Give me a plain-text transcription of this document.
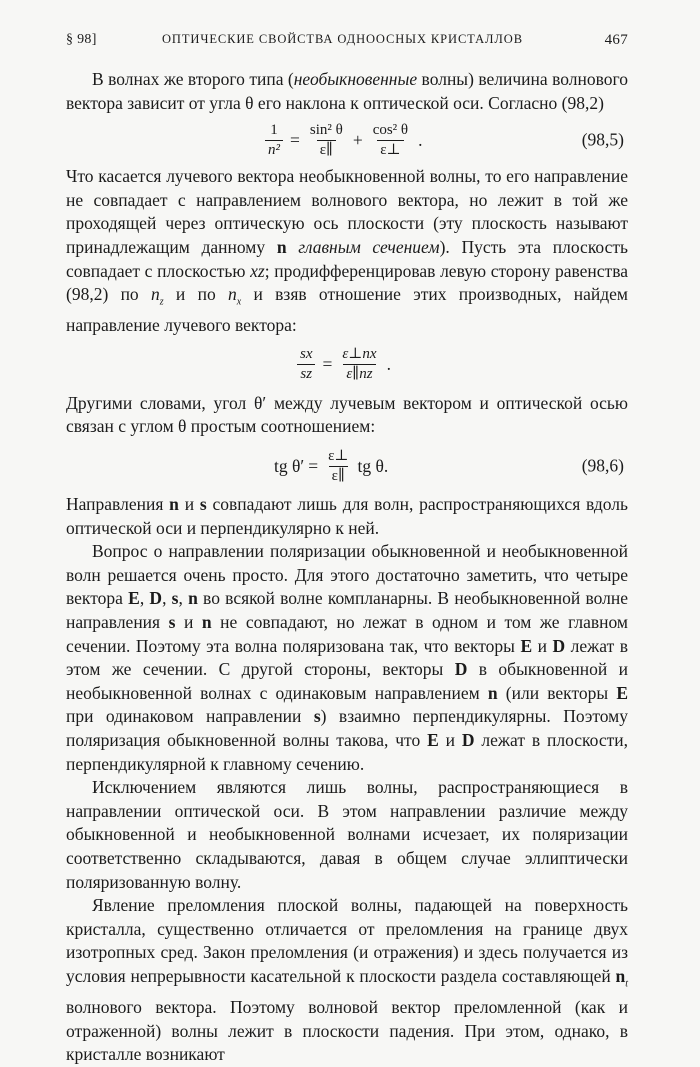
§ 98]	ОПТИЧЕСКИЕ СВОЙСТВА ОДНООСНЫХ КРИСТАЛЛОВ	467

В волнах же второго типа (необыкновенные волны) величина волнового вектора зависит от угла θ его наклона к оптической оси. Согласно (98,2)

$\frac{1}{\text{n²}} = \frac{\text{sin² θ}}{\varepsilon\parallel} + \frac{\text{cos² θ}}{\varepsilon\perp}$ .	(98,5)

Что касается лучевого вектора необыкновенной волны, то его направление не совпадает с направлением волнового вектора, но лежит в той же проходящей через оптическую ось плоскости (эту плоскость называют принадлежащим данному n главным сечением). Пусть эта плоскость совпадает с плоскостью xz; продифференцировав левую сторону равенства (98,2) по $n_z$ и по $n_x$ и взяв отношение этих производных, найдем направление лучевого вектора:

$\frac{sx}{sz} = \frac{\varepsilon\perp nx}{\varepsilon\parallel nz}$ .

Другими словами, угол θ′ между лучевым вектором и оптической осью связан с углом θ простым соотношением:

tg $\theta' = \frac{\varepsilon\perp}{\varepsilon\parallel}$ tg θ.	(98,6)

Направления n и s совпадают лишь для волн, распространяющихся вдоль оптической оси и перпендикулярно к ней.

Вопрос о направлении поляризации обыкновенной и необыкновенной волн решается очень просто. Для этого достаточно заметить, что четыре вектора E, D, s, n во всякой волне компланарны. В необыкновенной волне направления s и n не совпадают, но лежат в одном и том же главном сечении. Поэтому эта волна поляризована так, что векторы E и D лежат в этом же сечении. С другой стороны, векторы D в обыкновенной и необыкновенной волнах с одинаковым направлением n (или векторы E при одинаковом направлении s) взаимно перпендикулярны. Поэтому поляризация обыкновенной волны такова, что E и D лежат в плоскости, перпендикулярной к главному сечению.

Исключением являются лишь волны, распространяющиеся в направлении оптической оси. В этом направлении различие между обыкновенной и необыкновенной волнами исчезает, их поляризации соответственно складываются, давая в общем случае эллиптически поляризованную волну.

Явление преломления плоской волны, падающей на поверхность кристалла, существенно отличается от преломления на границе двух изотропных сред. Закон преломления (и отражения) и здесь получается из условия непрерывности касательной к плоскости раздела составляющей $n_t$ волнового вектора. Поэтому волновой вектор преломленной (как и отраженной) волны лежит в плоскости падения. При этом, однако, в кристалле возникают
